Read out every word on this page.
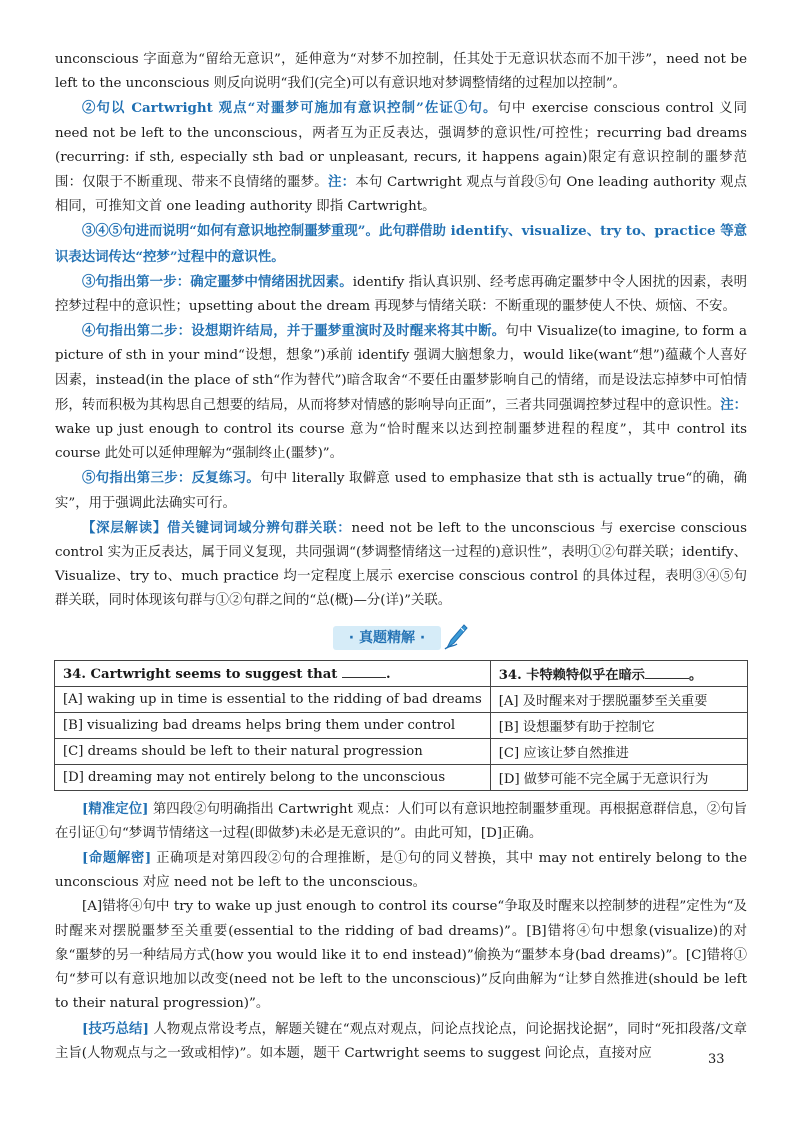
unconscious 字面意为“留给无意识”，延伸意为“对梦不加控制，任其处于无意识状态而不加干涉”，need not be left to the unconscious 则反向说明“我们(完全)可以有意识地对梦调整情绪的过程加以控制”。

②句以 Cartwright 观点“对噩梦可施加有意识控制”佐证①句。句中 exercise conscious control 义同 need not be left to the unconscious，两者互为正反表达，强调梦的意识性/可控性；recurring bad dreams (recurring: if sth, especially sth bad or unpleasant, recurs, it happens again)限定有意识控制的噩梦范围：仅限于不断重现、带来不良情绪的噩梦。注：本句 Cartwright 观点与首段⑤句 One leading authority 观点相同，可推知文首 one leading authority 即指 Cartwright。

③④⑤句进而说明“如何有意识地控制噩梦重现”。此句群借助 identify、visualize、try to、practice 等意识表达词传达“控梦”过程中的意识性。

③句指出第一步：确定噩梦中情绪困扰因素。identify 指认真识别、经考虑再确定噩梦中令人困扰的因素，表明控梦过程中的意识性；upsetting about the dream 再现梦与情绪关联：不断重现的噩梦使人不快、烦恼、不安。

④句指出第二步：设想期许结局，并于噩梦重演时及时醒来将其中断。句中 Visualize(to imagine, to form a picture of sth in your mind“设想，想象”)承前 identify 强调大脑想象力，would like(want“想”)蕴藏个人喜好因素，instead(in the place of sth“作为替代”)暗含取舍“不要任由噩梦影响自己的情绪，而是设法忘掉梦中可怕情形，转而积极为其构思自己想要的结局，从而将梦对情感的影响导向正面”，三者共同强调控梦过程中的意识性。注：wake up just enough to control its course 意为“恰时醒来以达到控制噩梦进程的程度”，其中 control its course 此处可以延伸理解为“强制终止(噩梦)”。

⑤句指出第三步：反复练习。句中 literally 取僻意 used to emphasize that sth is actually true“的确，确实”，用于强调此法确实可行。

【深层解读】借关键词词域分辨句群关联：need not be left to the unconscious 与 exercise conscious control 实为正反表达，属于同义复现，共同强调“(梦调整情绪这一过程的)意识性”，表明①②句群关联；identify、Visualize、try to、much practice 均一定程度上展示 exercise conscious control 的具体过程，表明③④⑤句群关联，同时体现该句群与①②句群之间的“总(概)—分(详)”关联。

· 真题精解 ·
34. Cartwright seems to suggest that .	34. 卡特赖特似乎在暗示 。
[A] waking up in time is essential to the ridding of bad dreams	[A] 及时醒来对于摆脱噩梦至关重要
[B] visualizing bad dreams helps bring them under control	[B] 设想噩梦有助于控制它
[C] dreams should be left to their natural progression	[C] 应该让梦自然推进
[D] dreaming may not entirely belong to the unconscious	[D] 做梦可能不完全属于无意识行为

[精准定位] 第四段②句明确指出 Cartwright 观点：人们可以有意识地控制噩梦重现。再根据意群信息，②句旨在引证①句“梦调节情绪这一过程(即做梦)未必是无意识的”。由此可知，[D]正确。

[命题解密] 正确项是对第四段②句的合理推断，是①句的同义替换，其中 may not entirely belong to the unconscious 对应 need not be left to the unconscious。

[A]错将④句中 try to wake up just enough to control its course“争取及时醒来以控制梦的进程”定性为“及时醒来对摆脱噩梦至关重要(essential to the ridding of bad dreams)”。[B]错将④句中想象(visualize)的对象“噩梦的另一种结局方式(how you would like it to end instead)”偷换为“噩梦本身(bad dreams)”。[C]错将①句“梦可以有意识地加以改变(need not be left to the unconscious)”反向曲解为“让梦自然推进(should be left to their natural progression)”。

[技巧总结] 人物观点常设考点，解题关键在“观点对观点，问论点找论点，问论据找论据”，同时“死扣段落/文章主旨(人物观点与之一致或相悖)”。如本题，题干 Cartwright seems to suggest 问论点，直接对应	33
